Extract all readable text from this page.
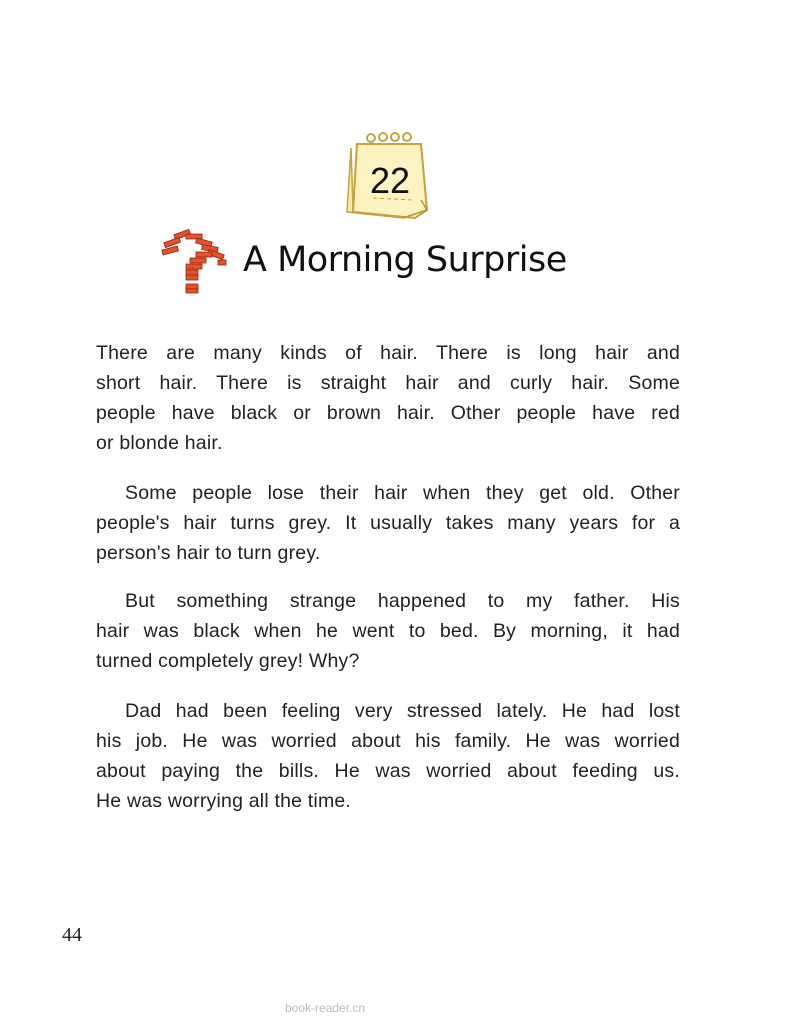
22
A Morning Surprise
There are many kinds of hair. There is long hair and
short hair. There is straight hair and curly hair. Some
people have black or brown hair. Other people have red
or blonde hair.
Some people lose their hair when they get old. Other
people's hair turns grey. It usually takes many years for a
person's hair to turn grey.
But something strange happened to my father. His
hair was black when he went to bed. By morning, it had
turned completely grey! Why?
Dad had been feeling very stressed lately. He had lost
his job. He was worried about his family. He was worried
about paying the bills. He was worried about feeding us.
He was worrying all the time.
44
book-reader.cn
